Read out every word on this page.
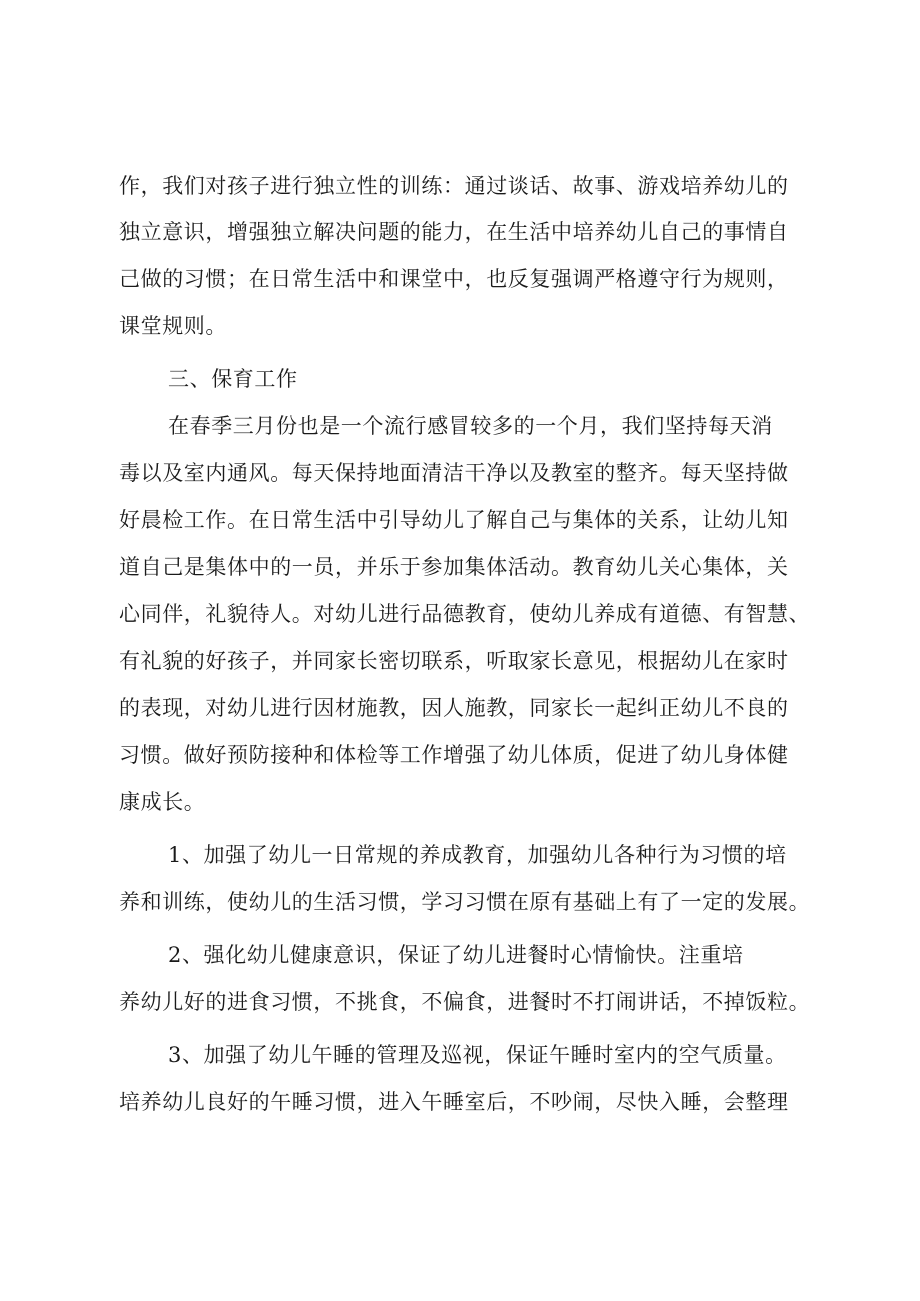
作，我们对孩子进行独立性的训练：通过谈话、故事、游戏培养幼儿的
独立意识，增强独立解决问题的能力，在生活中培养幼儿自己的事情自
己做的习惯；在日常生活中和课堂中，也反复强调严格遵守行为规则，
课堂规则。
三、保育工作
在春季三月份也是一个流行感冒较多的一个月，我们坚持每天消
毒以及室内通风。每天保持地面清洁干净以及教室的整齐。每天坚持做
好晨检工作。在日常生活中引导幼儿了解自己与集体的关系，让幼儿知
道自己是集体中的一员，并乐于参加集体活动。教育幼儿关心集体，关
心同伴，礼貌待人。对幼儿进行品德教育，使幼儿养成有道德、有智慧、
有礼貌的好孩子，并同家长密切联系，听取家长意见，根据幼儿在家时
的表现，对幼儿进行因材施教，因人施教，同家长一起纠正幼儿不良的
习惯。做好预防接种和体检等工作增强了幼儿体质，促进了幼儿身体健
康成长。
1、加强了幼儿一日常规的养成教育，加强幼儿各种行为习惯的培
养和训练，使幼儿的生活习惯，学习习惯在原有基础上有了一定的发展。
2、强化幼儿健康意识，保证了幼儿进餐时心情愉快。注重培
养幼儿好的进食习惯，不挑食，不偏食，进餐时不打闹讲话，不掉饭粒。
3、加强了幼儿午睡的管理及巡视，保证午睡时室内的空气质量。
培养幼儿良好的午睡习惯，进入午睡室后，不吵闹，尽快入睡，会整理
